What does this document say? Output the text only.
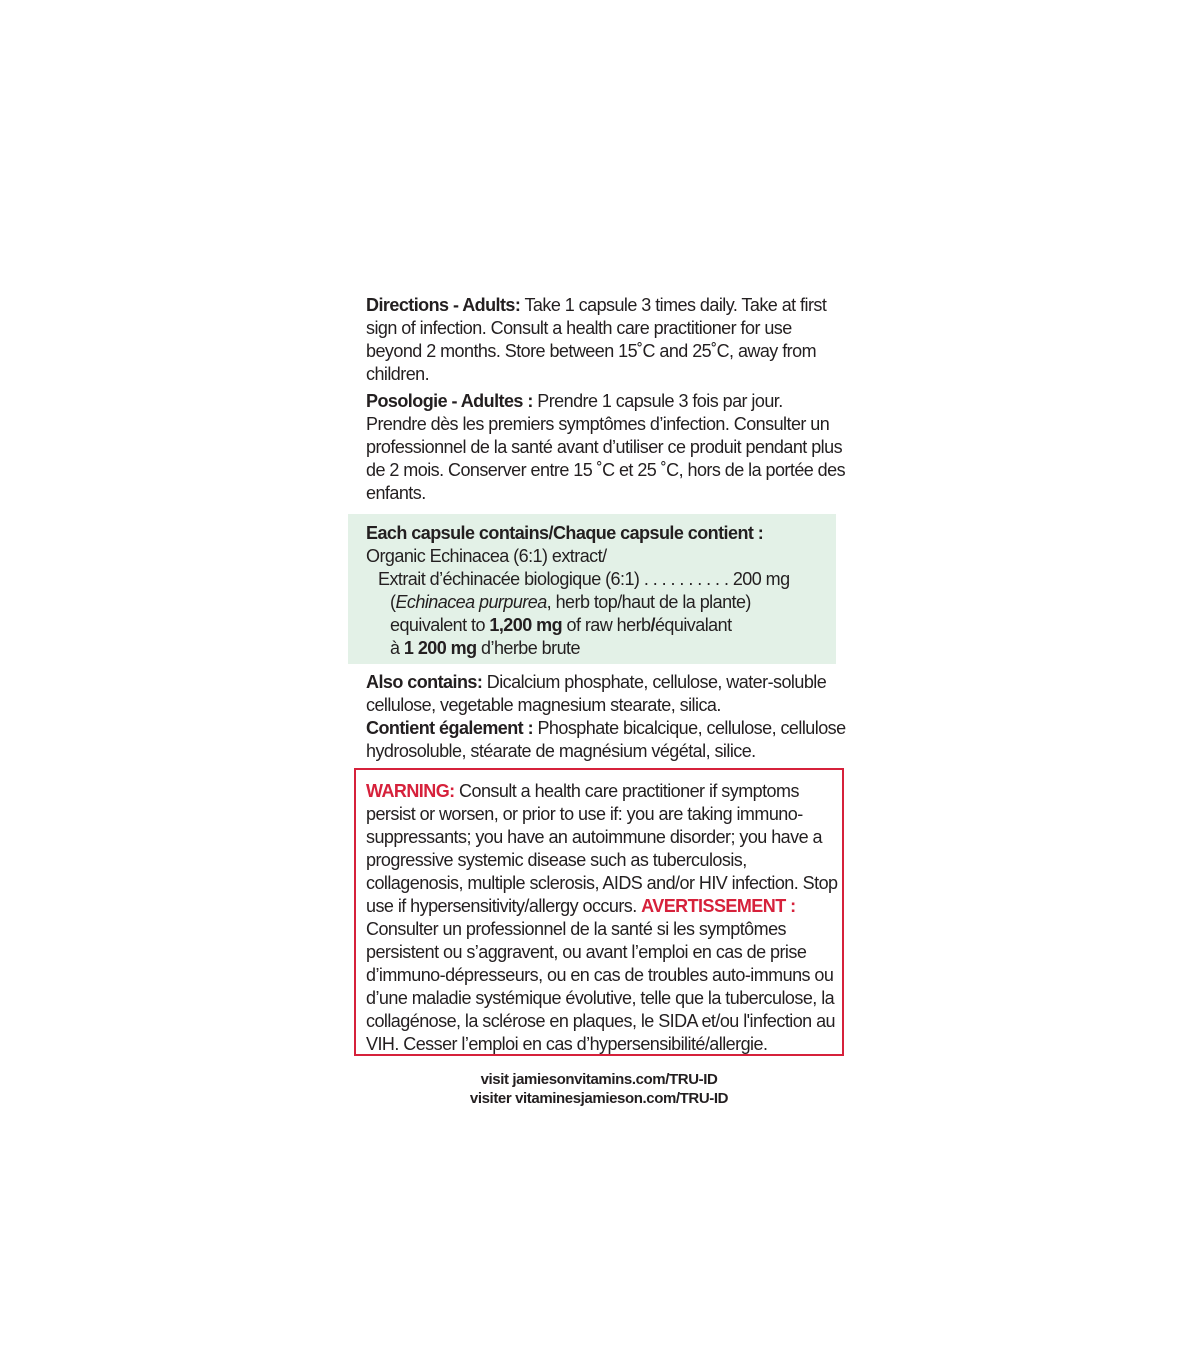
Directions - Adults: Take 1 capsule 3 times daily. Take at first sign of infection. Consult a health care practitioner for use beyond 2 months. Store between 15˚C and 25˚C, away from children.

Posologie - Adultes : Prendre 1 capsule 3 fois par jour. Prendre dès les premiers symptômes d’infection. Consulter un professionnel de la santé avant d’utiliser ce produit pendant plus de 2 mois. Conserver entre 15 ˚C et 25 ˚C, hors de la portée des enfants.

Each capsule contains/Chaque capsule contient :

Organic Echinacea (6:1) extract/

Extrait d’échinacée biologique (6:1) . . . . . . . . . . 200 mg

(Echinacea purpurea, herb top/haut de la plante)

equivalent to 1,200 mg of raw herb/équivalant

à 1 200 mg d’herbe brute

Also contains: Dicalcium phosphate, cellulose, water-soluble cellulose, vegetable magnesium stearate, silica.

Contient également : Phosphate bicalcique, cellulose, cellulose hydrosoluble, stéarate de magnésium végétal, silice.

WARNING: Consult a health care practitioner if symptoms persist or worsen, or prior to use if: you are taking immuno-suppressants; you have an autoimmune disorder; you have a progressive systemic disease such as tuberculosis, collagenosis, multiple sclerosis, AIDS and/or HIV infection. Stop use if hypersensitivity/allergy occurs. AVERTISSEMENT : Consulter un professionnel de la santé si les symptômes persistent ou s’aggravent, ou avant l’emploi en cas de prise d’immuno-dépresseurs, ou en cas de troubles auto-immuns ou d’une maladie systémique évolutive, telle que la tuberculose, la collagénose, la sclérose en plaques, le SIDA et/ou l'infection au VIH. Cesser l’emploi en cas d’hypersensibilité/allergie.

visit jamiesonvitamins.com/TRU-ID
visiter vitaminesjamieson.com/TRU-ID
